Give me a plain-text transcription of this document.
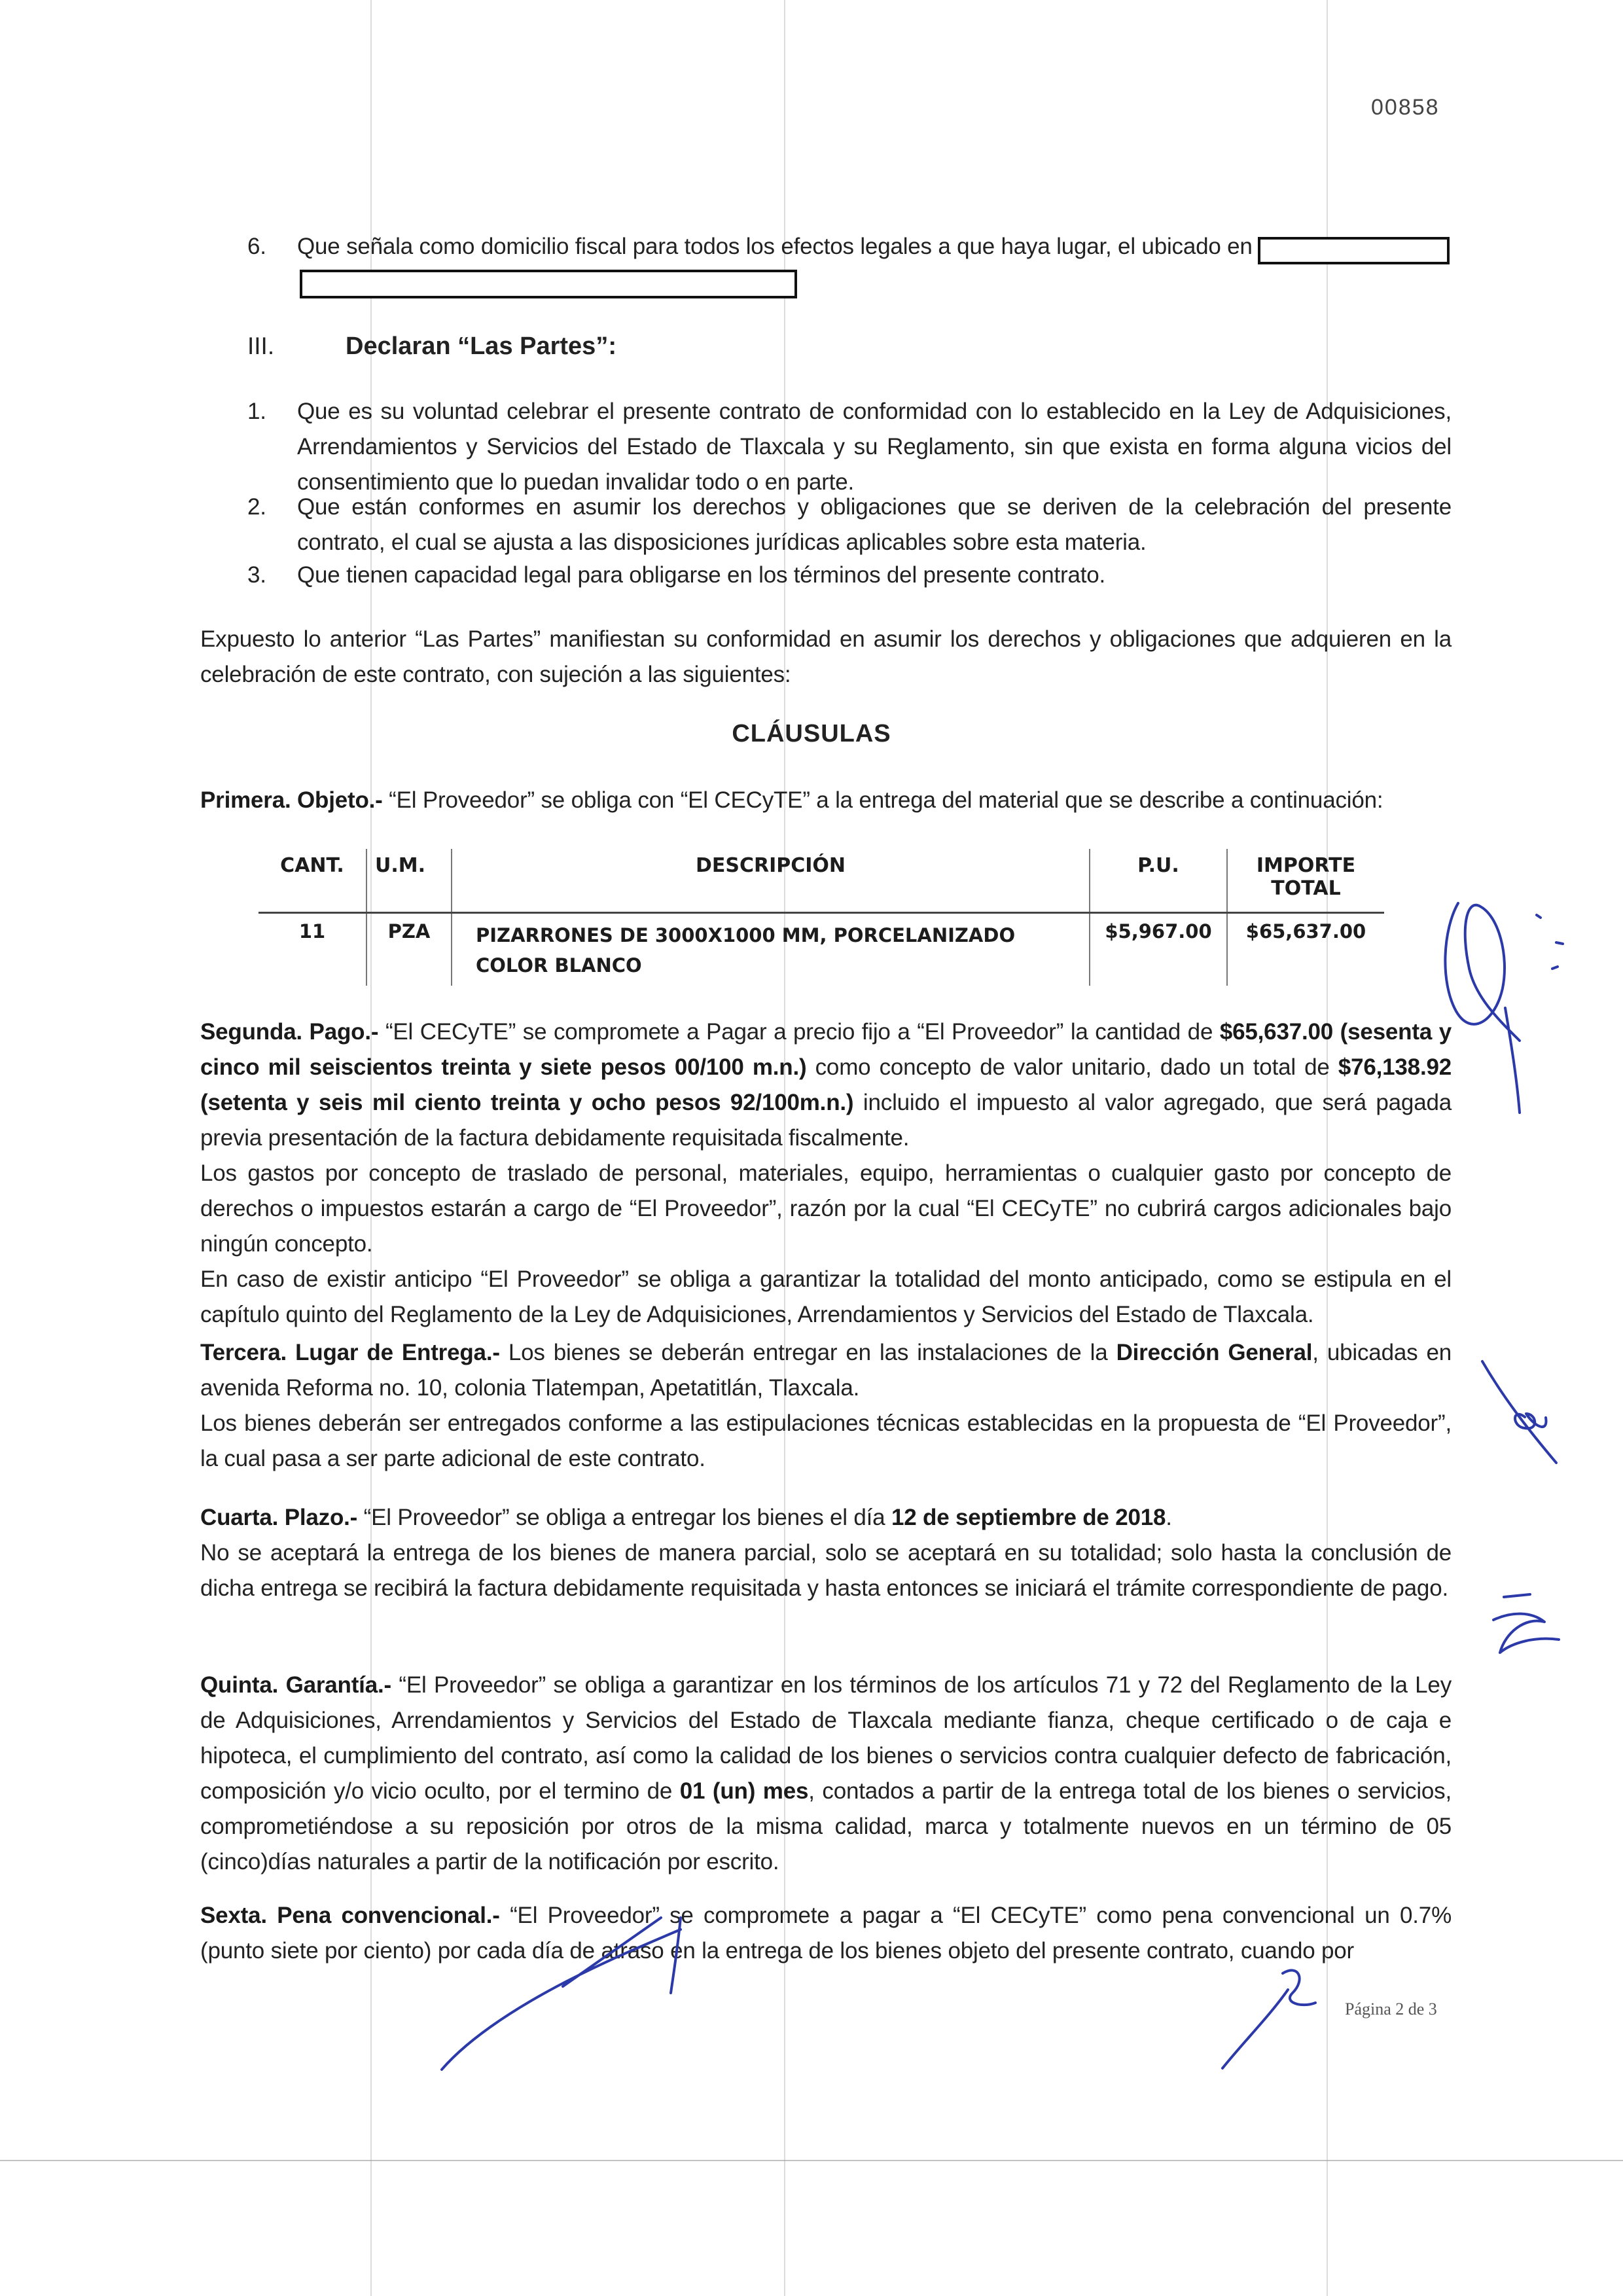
00858
6.	Que señala como domicilio fiscal para todos los efectos legales a que haya lugar, el ubicado en
III.	Declaran “Las Partes”:
1.	Que es su voluntad celebrar el presente contrato de conformidad con lo establecido en la Ley de Adquisiciones, Arrendamientos y Servicios del Estado de Tlaxcala y su Reglamento, sin que exista en forma alguna vicios del consentimiento que lo puedan invalidar todo o en parte.
2.	Que están conformes en asumir los derechos y obligaciones que se deriven de la celebración del presente contrato, el cual se ajusta a las disposiciones jurídicas aplicables sobre esta materia.
3.	Que tienen capacidad legal para obligarse en los términos del presente contrato.
Expuesto lo anterior “Las Partes” manifiestan su conformidad en asumir los derechos y obligaciones que adquieren en la celebración de este contrato, con sujeción a las siguientes:
CLÁUSULAS
Primera. Objeto.- “El Proveedor” se obliga con “El CECyTE” a la entrega del material que se describe a continuación:
CANT.	U.M.	DESCRIPCIÓN	P.U.	IMPORTE TOTAL
11	PZA	PIZARRONES DE 3000X1000 MM, PORCELANIZADO COLOR BLANCO	$5,967.00	$65,637.00
Segunda. Pago.- “El CECyTE” se compromete a Pagar a precio fijo a “El Proveedor” la cantidad de $65,637.00 (sesenta y cinco mil seiscientos treinta y siete pesos 00/100 m.n.) como concepto de valor unitario, dado un total de $76,138.92 (setenta y seis mil ciento treinta y ocho pesos 92/100m.n.) incluido el impuesto al valor agregado, que será pagada previa presentación de la factura debidamente requisitada fiscalmente.
Los gastos por concepto de traslado de personal, materiales, equipo, herramientas o cualquier gasto por concepto de derechos o impuestos estarán a cargo de “El Proveedor”, razón por la cual “El CECyTE” no cubrirá cargos adicionales bajo ningún concepto.
En caso de existir anticipo “El Proveedor” se obliga a garantizar la totalidad del monto anticipado, como se estipula en el capítulo quinto del Reglamento de la Ley de Adquisiciones, Arrendamientos y Servicios del Estado de Tlaxcala.
Tercera. Lugar de Entrega.- Los bienes se deberán entregar en las instalaciones de la Dirección General, ubicadas en avenida Reforma no. 10, colonia Tlatempan, Apetatitlán, Tlaxcala.
Los bienes deberán ser entregados conforme a las estipulaciones técnicas establecidas en la propuesta de “El Proveedor”, la cual pasa a ser parte adicional de este contrato.
Cuarta. Plazo.- “El Proveedor” se obliga a entregar los bienes el día 12 de septiembre de 2018.
No se aceptará la entrega de los bienes de manera parcial, solo se aceptará en su totalidad; solo hasta la conclusión de dicha entrega se recibirá la factura debidamente requisitada y hasta entonces se iniciará el trámite correspondiente de pago.
Quinta. Garantía.- “El Proveedor” se obliga a garantizar en los términos de los artículos 71 y 72 del Reglamento de la Ley de Adquisiciones, Arrendamientos y Servicios del Estado de Tlaxcala mediante fianza, cheque certificado o de caja e hipoteca, el cumplimiento del contrato, así como la calidad de los bienes o servicios contra cualquier defecto de fabricación, composición y/o vicio oculto, por el termino de 01 (un) mes, contados a partir de la entrega total de los bienes o servicios, comprometiéndose a su reposición por otros de la misma calidad, marca y totalmente nuevos en un término de 05 (cinco)días naturales a partir de la notificación por escrito.
Sexta. Pena convencional.- “El Proveedor” se compromete a pagar a “El CECyTE” como pena convencional un 0.7% (punto siete por ciento) por cada día de atraso en la entrega de los bienes objeto del presente contrato, cuando por
Página 2 de 3
